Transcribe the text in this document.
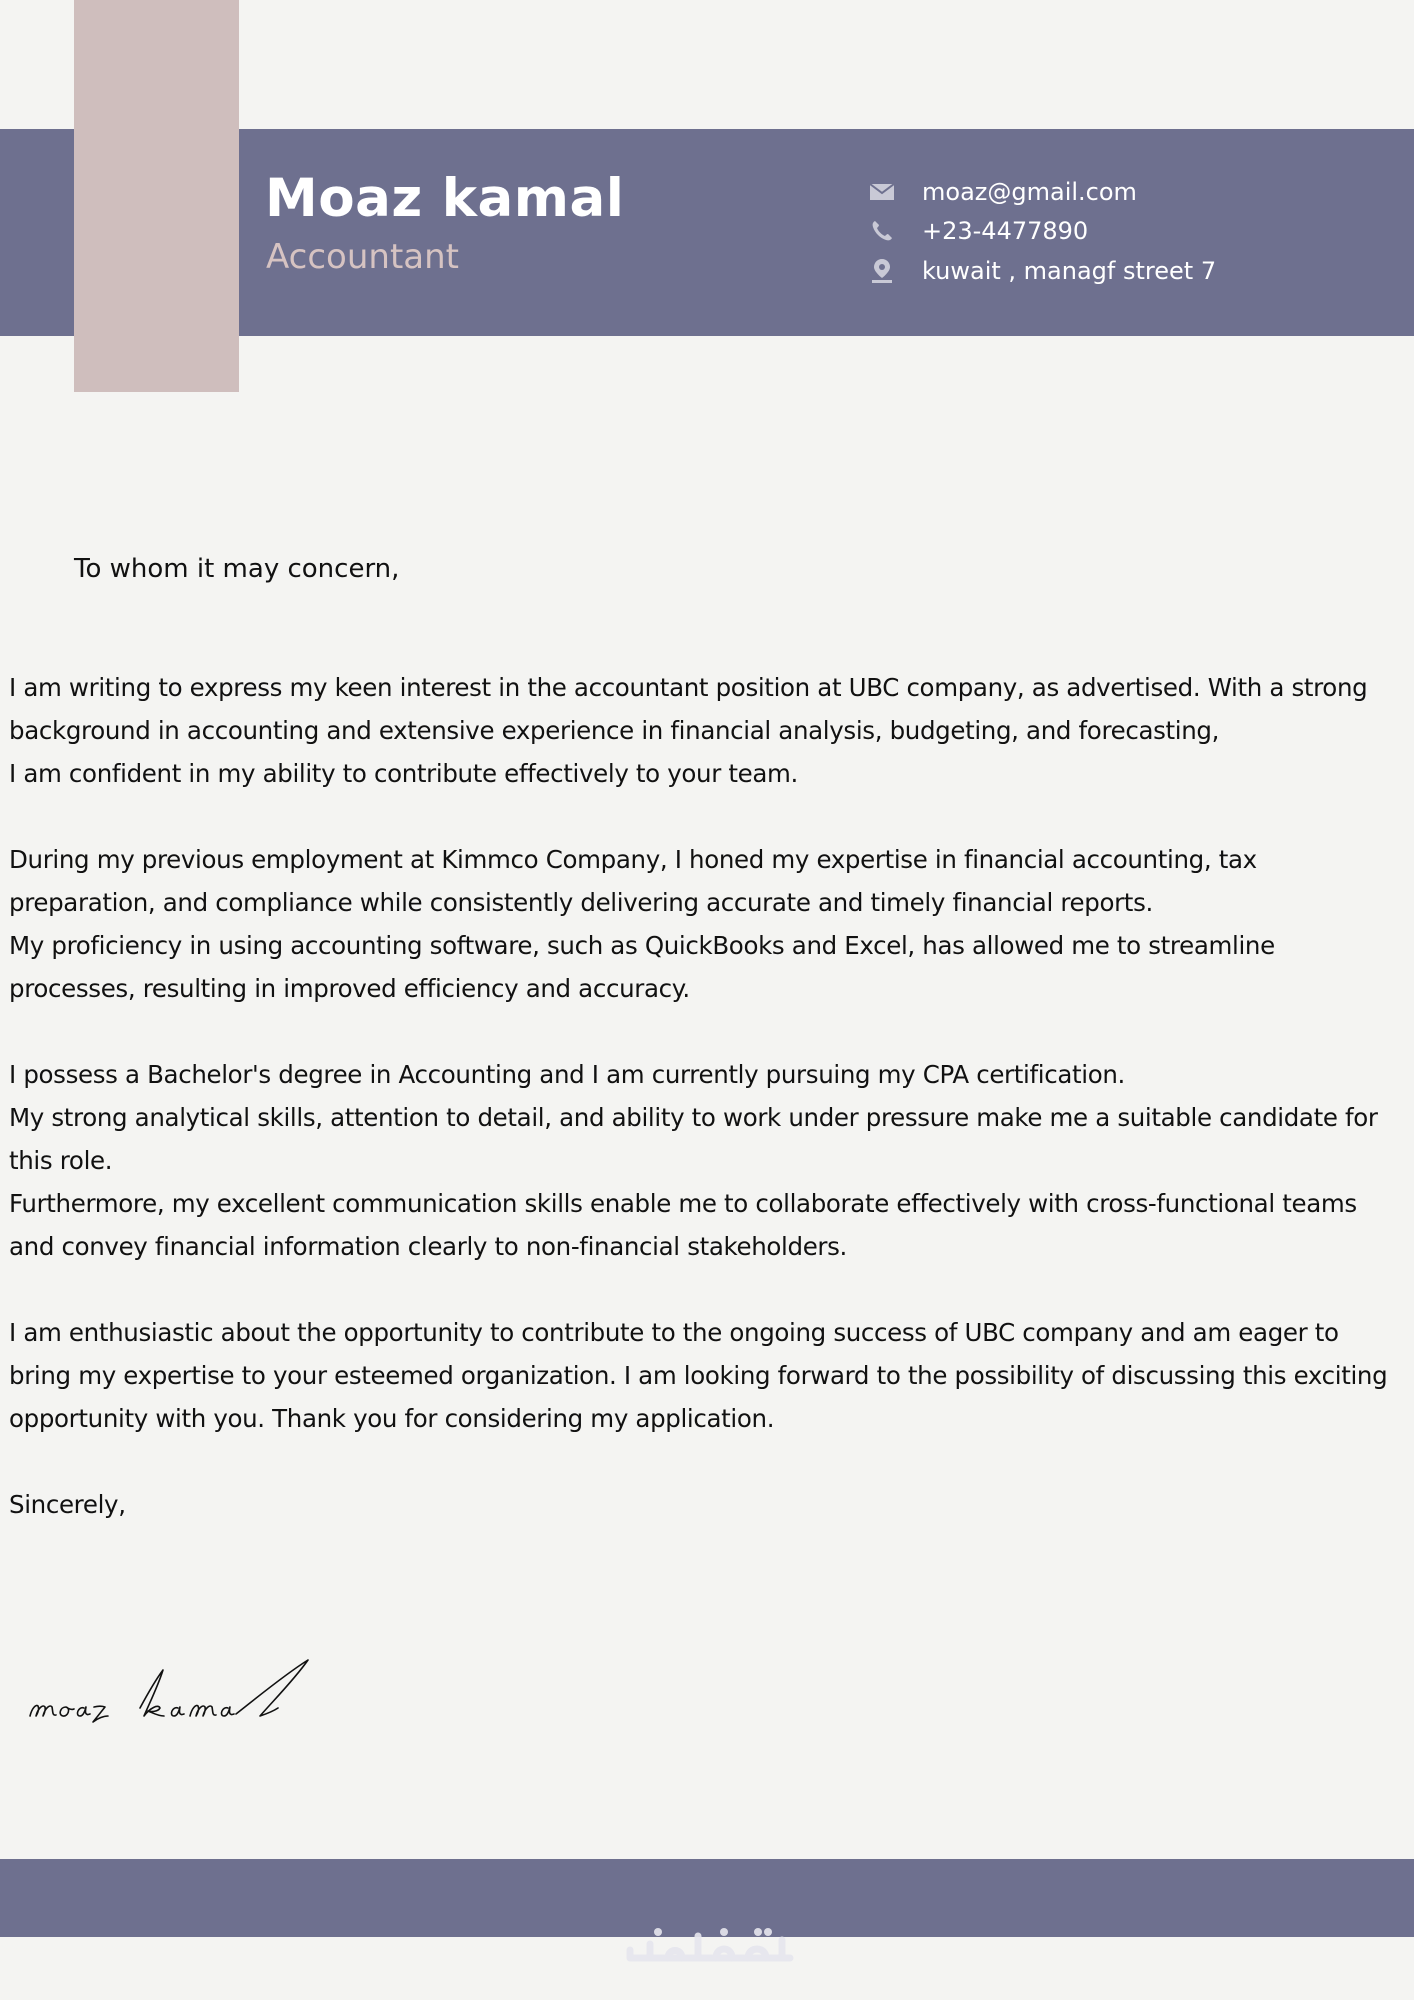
Moaz kamal
Accountant
moaz@gmail.com
+23-4477890
kuwait , managf street 7
To whom it may concern,

I am writing to express my keen interest in the accountant position at UBC company, as advertised. With a strong
background in accounting and extensive experience in financial analysis, budgeting, and forecasting,
I am confident in my ability to contribute effectively to your team.

During my previous employment at Kimmco Company, I honed my expertise in financial accounting, tax
preparation, and compliance while consistently delivering accurate and timely financial reports.
My proficiency in using accounting software, such as QuickBooks and Excel, has allowed me to streamline
processes, resulting in improved efficiency and accuracy.

I possess a Bachelor's degree in Accounting and I am currently pursuing my CPA certification.
My strong analytical skills, attention to detail, and ability to work under pressure make me a suitable candidate for
this role.
Furthermore, my excellent communication skills enable me to collaborate effectively with cross-functional teams
and convey financial information clearly to non-financial stakeholders.

I am enthusiastic about the opportunity to contribute to the ongoing success of UBC company and am eager to
bring my expertise to your esteemed organization. I am looking forward to the possibility of discussing this exciting
opportunity with you. Thank you for considering my application.

Sincerely,
